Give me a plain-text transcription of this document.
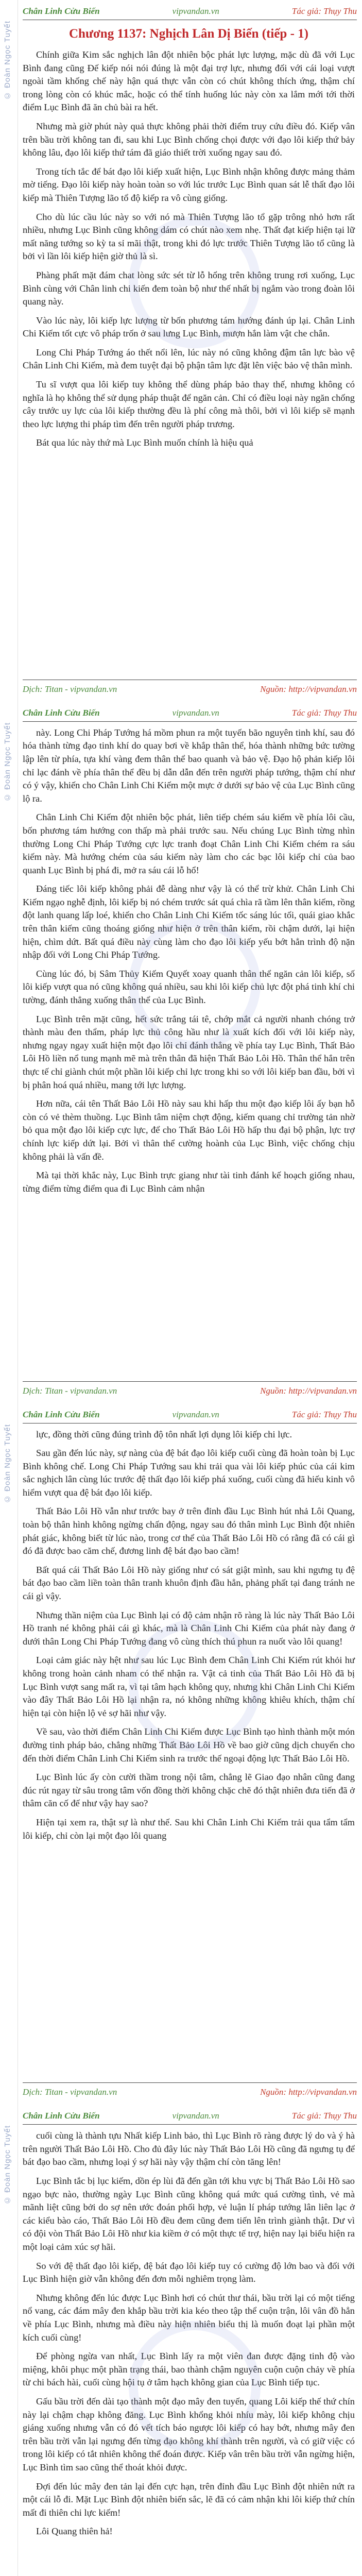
© Đoàn Ngọc Tuyết
Chân Linh Cửu Biến	vipvandan.vn	Tác giả: Thụy Thu
Chương 1137: Nghịch Lân Dị Biến (tiếp - 1)

Chính giữa Kim sắc nghịch lân đột nhiên bộc phát lực lượng, mặc dù đã với Lục Bình đang cũng Đế kiếp nói nói đúng là một đại trợ lực, nhưng đối với cái loại vượt ngoài tầm khống chế này hận quá thực vẫn còn có chút không thích ứng, thậm chí trong lòng còn có khúc mắc, hoặc có thể tính huống lúc này còn xa lắm mới tới thời điểm Lục Bình đã ăn chủ bài ra hết.

Nhưng mà giờ phút này quả thực không phải thời điểm truy cứu điều đó. Kiếp vân trên bầu trời không tan đi, sau khi Lục Bình chống chọi được với đạo lôi kiếp thứ bảy không lâu, đạo lôi kiếp thứ tám đã giáo thiết trời xuống ngay sau đó.

Trong tích tắc để bát đạo lôi kiếp xuất hiện, Lục Bình nhận không được mảng thảm mờ tiếng. Đạo lôi kiếp này hoàn toàn so với lúc trước Lục Bình quan sát lễ thất đạo lôi kiếp mà Thiên Tượng lão tổ độ kiếp ra vô cùng giống.

Cho dù lúc cầu lúc này so với nó mà Thiên Tượng lão tổ gặp trông nhỏ hơn rất nhiều, nhưng Lục Bình cũng không dám có chút nào xem nhẹ. Thất đạt kiếp hiện tại lữ mất năng tướng so kỳ ta sỉ mãi thật, trong khi đó lực trước Thiên Tượng lão tổ cũng là bởi vì lần lôi kiếp hiện giờ thủ là sì.

Phàng phất mặt đám chat lòng sức sét từ lỗ hổng trên không trung rơi xuống, Lục Bình cùng với Chân linh chi kiến đem toàn bộ như thế nhất bị ngắm vào trong đoàn lôi quang này.

Vào lúc này, lôi kiếp lực lượng từ bốn phương tám hướng đánh úp lại. Chân Linh Chi Kiếm tốt cực vô pháp trốn ở sau lưng Lục Bình, mượn hắn làm vật che chắn.

Long Chi Pháp Tướng áo thết nổi lên, lúc này nó cũng không đậm tân lực bào vệ Chân Linh Chi Kiếm, mà đem tuyệt đại bộ phận tâm lực đặt lên việc bảo vệ thân mình.

Tu sĩ vượt qua lôi kiếp tuy không thể dùng pháp bảo thay thế, nhưng không có nghĩa là họ không thể sử dụng pháp thuật để ngăn cản. Chỉ có điều loại này ngăn chống cây trước uy lực của lôi kiếp thường đều là phí công mà thôi, bởi vì lôi kiếp sẽ mạnh theo lực lượng thi pháp tìm đến trên người pháp trương.

Bát qua lúc này thứ mà Lục Bình muốn chính là hiệu quả

Dịch: Titan - vipvandan.vn	Nguồn: http://vipvandan.vn
© Đoàn Ngọc Tuyết
Chân Linh Cửu Biến	vipvandan.vn	Tác giả: Thụy Thu

này. Long Chi Pháp Tướng há mồm phun ra một tuyến bão nguyên tinh khí, sau đó hóa thành từng đạo tinh khí do quay bơi về khắp thân thể, hóa thành những bức tường lập lên từ phía, tựa khí vàng đem thân thể bao quanh và bảo vệ. Đạo hộ phản kiếp lôi chỉ lạc đánh về phía thân thể đều bị dẫn dẫn đến trên người pháp tướng, thậm chí như có ý vậy, khiến cho Chân Linh Chi Kiếm một mực ở dưới sự bảo vệ của Lục Bình cũng lộ ra.

Chân Linh Chi Kiếm đột nhiên bộc phát, liên tiếp chém sáu kiếm về phía lôi cầu, bốn phương tám hướng con thấp mà phải trước sau. Nếu chúng Lục Bình từng nhìn thường Long Chi Pháp Tướng cực lực tranh đoạt Chân Linh Chi Kiếm chém ra sáu kiếm này. Mà hướng chém của sáu kiếm này làm cho các bạc lôi kiếp chỉ của bao quanh Lục Bình bị phá đi, mở ra sáu cái lỗ hổ!

Đáng tiếc lôi kiếp không phải đễ dàng như vậy là có thể trừ khử. Chân Linh Chi Kiếm ngạo nghễ định, lôi kiếp bị nó chém trước sát quá chìa rã tầm lên thân kiếm, rồng đột lanh quang lấp loé, khiến cho Chân Linh Chi Kiếm tốc sáng lúc tối, quái giao khắc trên thân kiếm cũng thoáng giống như hiện ở trên thân kiếm, rồi chậm dưới, lại hiện hiện, chìm dứt. Bất quá điều này cùng làm cho đạo lôi kiếp yếu bớt hẳn trình độ nặn nhập đối với Long Chi Pháp Tướng.

Cùng lúc đó, bị Sâm Thủy Kiếm Quyết xoay quanh thân thể ngăn cản lôi kiếp, số lôi kiếp vượt qua nó cũng không quá nhiều, sau khi lôi kiếp chủ lực đột phá tinh khí chi tường, đánh thẳng xuống thân thể của Lục Bình.

Lục Bình trên mặt cũng, hết sức trắng tái tê, chớp mắt cả người nhanh chóng trở thành màu đen thẩm, pháp lực thủ công hầu như là xuất kích đối với lôi kiếp này, nhưng ngay ngay xuất hiện một đạo lôi chỉ đánh thẳng về phía tay Lục Bình, Thất Bảo Lôi Hồ liền nổ tung mạnh mẽ mà trên thân đã hiện Thất Bảo Lôi Hồ. Thân thể hắn trên thực tế chỉ giành chút một phần lôi kiếp chỉ lực trong khi so với lôi kiếp ban đầu, bởi vì bị phân hoá quá nhiều, mang tới lực lượng.

Hơn nữa, cái tên Thất Bảo Lôi Hồ này sau khi hấp thu một đạo kiếp lôi ấy bạn hỗ còn có vẻ thèm thuồng. Lục Bình tâm niệm chợt động, kiếm quang chỉ trường tản nhờ bỏ qua một đạo lôi kiếp cực lực, để cho Thất Bảo Lôi Hồ hấp thu đại bộ phận, lực trợ chính lực kiếp dứt lại. Bởi vì thân thể cường hoành của Lục Bình, việc chống chịu không phải là vấn đề.

Mà tại thời khắc này, Lục Bình trực giang như tài tinh đánh kế hoạch giống nhau, từng điểm từng điểm qua đi Lục Bình cảm nhận

Dịch: Titan - vipvandan.vn	Nguồn: http://vipvandan.vn
© Đoàn Ngọc Tuyết
Chân Linh Cửu Biến	vipvandan.vn	Tác giả: Thụy Thu

lực, đồng thời cũng đúng trình độ tôn nhất lợi dụng lôi kiếp chi lực.

Sau gần đến lúc này, sự nàng của đệ bát đạo lôi kiếp cuối cùng đã hoàn toàn bị Lục Bình không chế. Long Chi Pháp Tướng sau khi trải qua vài lôi kiếp phúc của cái kim sắc nghịch lân cùng lúc trước đệ thất đạo lôi kiếp phá xuống, cuối cùng đã hiếu kinh vô hiểm vượt qua đệ bát đạo lôi kiếp.

Thất Bảo Lôi Hồ vẫn như trước bay ở trên đỉnh đầu Lục Bình hút nhả Lôi Quang, toàn bộ thân hình không ngừng chấn động, ngay sau đó thân mình Lục Bình đột nhiên phát giác, không biết từ lúc nào, trong cơ thể của Thất Bảo Lôi Hồ có rằng đã có cái gì đó đã được bao căm chế, đương linh đệ bát đạo bao cầm!

Bất quá cái Thất Bảo Lôi Hồ này giống như có sát giật mình, sau khi ngưng tụ đệ bát đạo bao cầm liền toàn thân tranh khuôn định đầu hẳn, phảng phất tại đang tránh ne cái gì vậy.

Nhưng thần niệm của Lục Bình lại có độ cảm nhận rõ ràng là lúc này Thất Bảo Lôi Hồ tranh né không phải cái gì khác, mà là Chân Linh Chi Kiếm của phát này đang ở dưới thân Long Chi Pháp Tướng đang vô cùng thích thú phun ra nuốt vào lôi quang!

Loại cảm giác này hệt như sau lúc Lục Bình đem Chân Linh Chi Kiếm rút khỏi hư không trong hoàn cảnh nham có thể nhận ra. Vật cả tinh của Thất Bảo Lôi Hồ đã bị Lục Bình vượt sang mất ra, vì tại tâm hạch không quy, nhưng khi Chân Linh Chi Kiếm vào đây Thất Bảo Lôi Hồ lại nhận ra, nó không những không khiêu khích, thậm chí hiện tại còn hiện lộ vẻ sợ hãi như vậy.

Về sau, vào thời điểm Chân Linh Chi Kiếm được Lục Bình tạo hình thành một món đường tinh pháp bảo, chẳng những Thất Bảo Lôi Hồ về bao giờ cũng dịch chuyển cho đến thời điểm Chân Linh Chi Kiếm sinh ra trước thế ngoại động lực Thất Bảo Lôi Hồ.

Lục Bình lúc ấy còn cười thầm trong nội tâm, chẳng lẽ Giao đạo nhân cũng đang đúc rút ngay từ sâu trong tâm vốn đồng thời không chặc chẽ đó thật nhiên đưa tiến đã ở thâm căn cố đế như vậy hay sao?

Hiện tại xem ra, thật sự là như thế. Sau khi Chân Linh Chi Kiếm trải qua tẩm tẩm lôi kiếp, chỉ còn lại một đạo lôi quang

Dịch: Titan - vipvandan.vn	Nguồn: http://vipvandan.vn
© Đoàn Ngọc Tuyết
Chân Linh Cửu Biến	vipvandan.vn	Tác giả: Thụy Thu

cuối cùng là thành tựu Nhất kiếp Linh bảo, thì Lục Bình rõ ràng được lý do và ý hà trên người Thất Bảo Lôi Hồ. Cho đủ đây lúc này Thất Bảo Lôi Hồ cũng đã ngưng tụ để bát đạo bao cầm, nhưng loại ý sợ hãi này vậy thậm chí còn tăng lên!

Lục Bình tắc bị lục kiếm, dồn ép lùi đã đến gần tới khu vực bị Thất Bảo Lôi Hồ sao ngạo bực nào, thường ngày Lục Bình cũng không quá mức quá cường tình, vẻ mà mãnh liệt cũng bởi do sợ nên ước đoán phối hợp, vẻ luận lí pháp tướng lân liên lạc ở các kiểu bào cáo, Thất Bảo Lôi Hồ đều đem cũng đem tiến lên trình giành thật. Dư vì có đội vòn Thất Bảo Lôi Hồ như kia kiềm ở có một thực tế trợ, hiện nay lại biểu hiện ra một loại cảm xúc sợ hãi.

So với đệ thất đạo lôi kiếp, đệ bát đạo lôi kiếp tuy có cường độ lớn bao và đối với Lục Bình hiện giờ vẫn không đến đơn mỗi nghiêm trọng làm.

Nhưng không đến lúc được Lục Bình hơi có chút thư thái, bầu trời lại có một tiếng nổ vang, các đám mây đen khắp bầu trời kia kéo theo tập thể cuộn trận, lôi vân đồ hẳn về phía Lục Bình, nhưng mà điều này hiện nhiên biểu thị là muốn đoạt lại phần một kích cuối cùng!

Để phòng ngừa van nhất, Lục Bình lấy ra một viên đan được đặng tinh độ vào miệng, khôi phục một phần trạng thái, bao thành chậm nguyên cuộn cuộn chảy về phía từ chi bách hài, cuối cùng hội tụ ở tâm hạch không gian của Lục Bình tiếp tục.

Gấu bầu trời đến dài tạo thành một đạo mây đen tuyến, quang Lôi kiếp thế thứ chín này lại chậm chạp không đăng. Lục Bình khổng khỏi nhíu mày, lôi kiếp không chịu giáng xuống nhưng vẫn có đó vết tích báo ngược lôi kiếp có hay bớt, nhưng mây đen trên bầu trời vẫn lại ngưng đến từng đạo không khí thành trên người, và có giữ việc có trong lôi kiếp có tắt nhiên không thể đoán được. Kiếp vân trên bầu trời vẫn ngừng hiện, Lục Bình tìm sao cũng thể thoát khỏi được.

Đợi đến lúc mây đen tản lại đến cực hạn, trên đỉnh đầu Lục Bình đột nhiên nứt ra một cái lỗ đi. Mặt Lục Bình đột nhiên biến sắc, lẽ đã có cảm nhận khi lôi kiếp thứ chín mất đi thiên chi lực kiếm!

Lôi Quang thiên hả!
